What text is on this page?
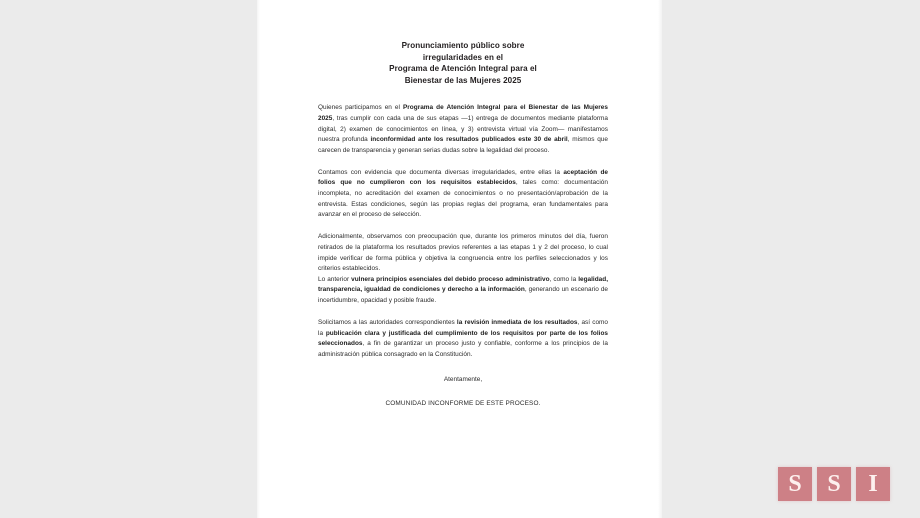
Pronunciamiento público sobre
irregularidades en el
Programa de Atención Integral para el
Bienestar de las Mujeres 2025

Quienes participamos en el Programa de Atención Integral para el Bienestar de las Mujeres 2025, tras cumplir con cada una de sus etapas —1) entrega de documentos mediante plataforma digital, 2) examen de conocimientos en línea, y 3) entrevista virtual vía Zoom— manifestamos nuestra profunda inconformidad ante los resultados publicados este 30 de abril, mismos que carecen de transparencia y generan serias dudas sobre la legalidad del proceso.

Contamos con evidencia que documenta diversas irregularidades, entre ellas la aceptación de folios que no cumplieron con los requisitos establecidos, tales como: documentación incompleta, no acreditación del examen de conocimientos o no presentación/aprobación de la entrevista. Estas condiciones, según las propias reglas del programa, eran fundamentales para avanzar en el proceso de selección.

Adicionalmente, observamos con preocupación que, durante los primeros minutos del día, fueron retirados de la plataforma los resultados previos referentes a las etapas 1 y 2 del proceso, lo cual impide verificar de forma pública y objetiva la congruencia entre los perfiles seleccionados y los criterios establecidos.

Lo anterior vulnera principios esenciales del debido proceso administrativo, como la legalidad, transparencia, igualdad de condiciones y derecho a la información, generando un escenario de incertidumbre, opacidad y posible fraude.

Solicitamos a las autoridades correspondientes la revisión inmediata de los resultados, así como la publicación clara y justificada del cumplimiento de los requisitos por parte de los folios seleccionados, a fin de garantizar un proceso justo y confiable, conforme a los principios de la administración pública consagrado en la Constitución.

Atentamente,

COMUNIDAD INCONFORME DE ESTE PROCESO.

S	S	I
